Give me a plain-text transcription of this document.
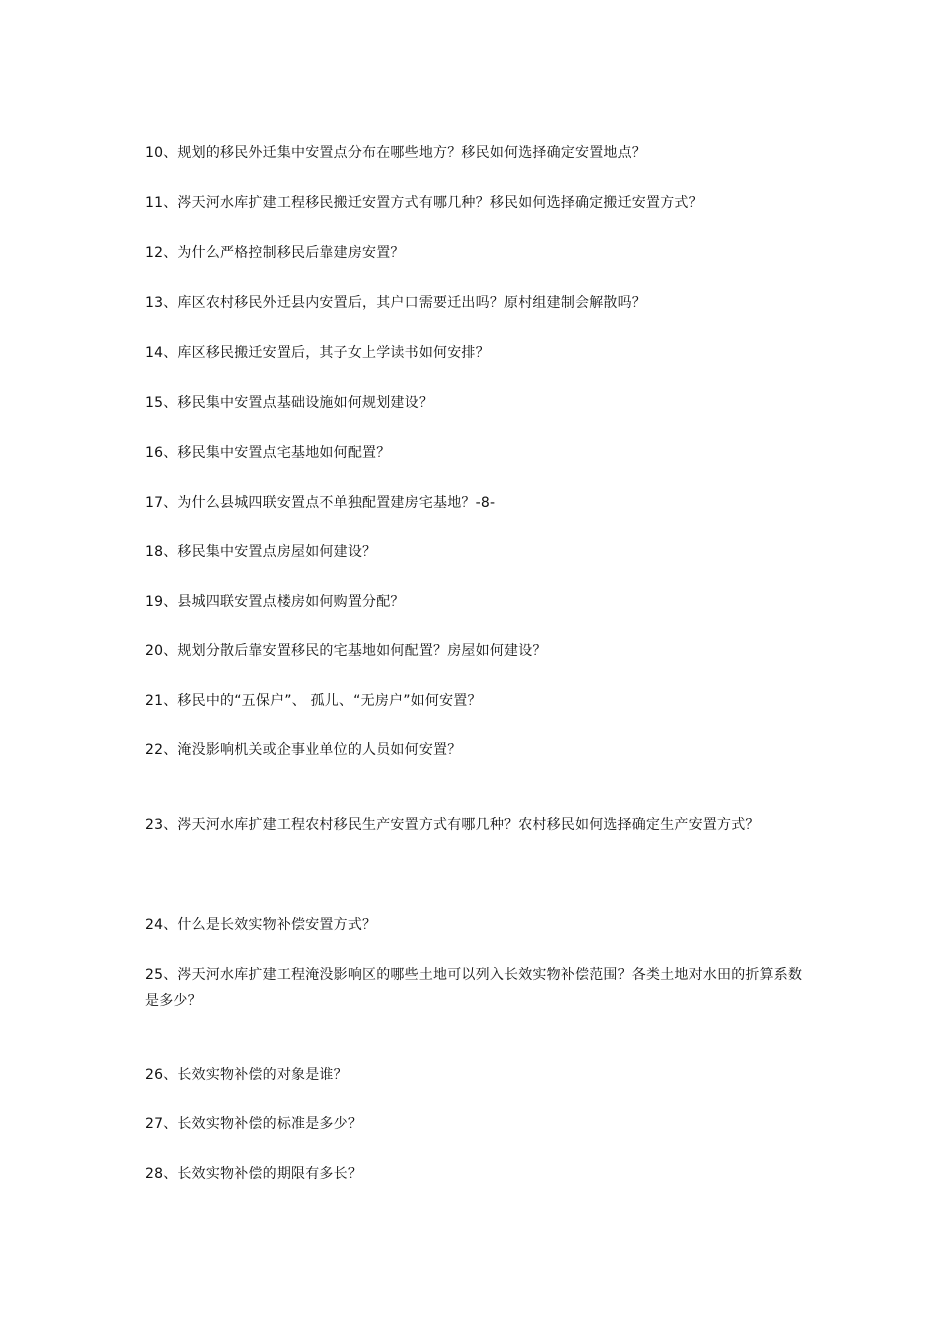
10、规划的移民外迁集中安置点分布在哪些地方？移民如何选择确定安置地点？
11、涔天河水库扩建工程移民搬迁安置方式有哪几种？移民如何选择确定搬迁安置方式？
12、为什么严格控制移民后靠建房安置？
13、库区农村移民外迁县内安置后，其户口需要迁出吗？原村组建制会解散吗？
14、库区移民搬迁安置后，其子女上学读书如何安排？
15、移民集中安置点基础设施如何规划建设？
16、移民集中安置点宅基地如何配置？
17、为什么县城四联安置点不单独配置建房宅基地？-8-
18、移民集中安置点房屋如何建设？
19、县城四联安置点楼房如何购置分配？
20、规划分散后靠安置移民的宅基地如何配置？房屋如何建设？
21、移民中的“五保户”、 孤儿、“无房户”如何安置？
22、淹没影响机关或企事业单位的人员如何安置？
23、涔天河水库扩建工程农村移民生产安置方式有哪几种？农村移民如何选择确定生产安置方式？
24、什么是长效实物补偿安置方式？
25、涔天河水库扩建工程淹没影响区的哪些土地可以列入长效实物补偿范围？各类土地对水田的折算系数是多少？
26、长效实物补偿的对象是谁？
27、长效实物补偿的标准是多少？
28、长效实物补偿的期限有多长？
